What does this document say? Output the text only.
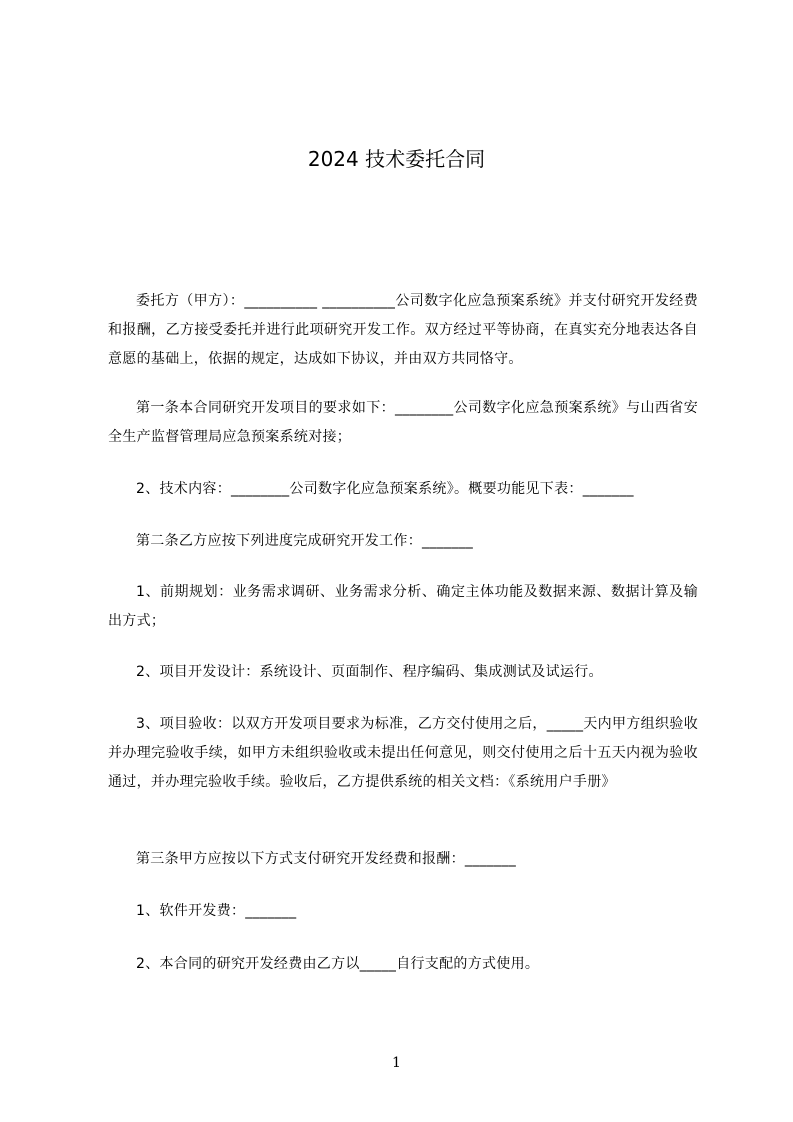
2024 技术委托合同

委托方（甲方）：__________ __________公司数字化应急预案系统》并支付研究开发经费和报酬，乙方接受委托并进行此项研究开发工作。双方经过平等协商，在真实充分地表达各自意愿的基础上，依据的规定，达成如下协议，并由双方共同恪守。

第一条本合同研究开发项目的要求如下：________公司数字化应急预案系统》与山西省安全生产监督管理局应急预案系统对接；

2、技术内容：________公司数字化应急预案系统》。概要功能见下表：_______

第二条乙方应按下列进度完成研究开发工作：_______

1、前期规划：业务需求调研、业务需求分析、确定主体功能及数据来源、数据计算及输出方式；

2、项目开发设计：系统设计、页面制作、程序编码、集成测试及试运行。

3、项目验收：以双方开发项目要求为标准，乙方交付使用之后，_____天内甲方组织验收并办理完验收手续，如甲方未组织验收或未提出任何意见，则交付使用之后十五天内视为验收通过，并办理完验收手续。验收后，乙方提供系统的相关文档：《系统用户手册》

第三条甲方应按以下方式支付研究开发经费和报酬：_______

1、软件开发费：_______

2、本合同的研究开发经费由乙方以_____自行支配的方式使用。

1
